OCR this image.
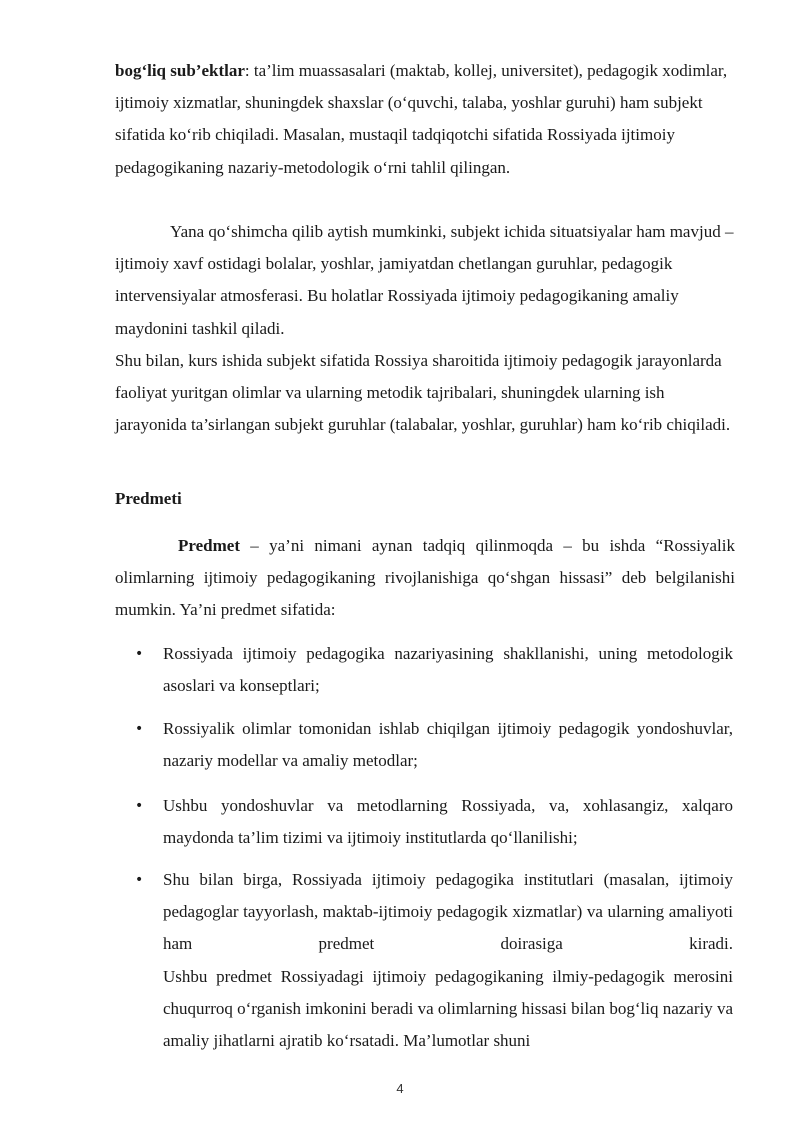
bog‘liq sub’ektlar: ta’lim muassasalari (maktab, kollej, universitet), pedagogik xodimlar, ijtimoiy xizmatlar, shuningdek shaxslar (o‘quvchi, talaba, yoshlar guruhi) ham subjekt sifatida ko‘rib chiqiladi. Masalan, mustaqil tadqiqotchi sifatida Rossiyada ijtimoiy pedagogikaning nazariy-metodologik o‘rni tahlil qilingan.

Yana qo‘shimcha qilib aytish mumkinki, subjekt ichida situatsiyalar ham mavjud – ijtimoiy xavf ostidagi bolalar, yoshlar, jamiyatdan chetlangan guruhlar, pedagogik intervensiyalar atmosferasi. Bu holatlar Rossiyada ijtimoiy pedagogikaning amaliy maydonini tashkil qiladi.

Shu bilan, kurs ishida subjekt sifatida Rossiya sharoitida ijtimoiy pedagogik jarayonlarda faoliyat yuritgan olimlar va ularning metodik tajribalari, shuningdek ularning ish jarayonida ta’sirlangan subjekt guruhlar (talabalar, yoshlar, guruhlar) ham ko‘rib chiqiladi.

Predmeti

Predmet – ya’ni nimani aynan tadqiq qilinmoqda – bu ishda “Rossiyalik olimlarning ijtimoiy pedagogikaning rivojlanishiga qo‘shgan hissasi” deb belgilanishi mumkin. Ya’ni predmet sifatida:

•	Rossiyada ijtimoiy pedagogika nazariyasining shakllanishi, uning metodologik asoslari va konseptlari;

•	Rossiyalik olimlar tomonidan ishlab chiqilgan ijtimoiy pedagogik yondoshuvlar, nazariy modellar va amaliy metodlar;

•	Ushbu yondoshuvlar va metodlarning Rossiyada, va, xohlasangiz, xalqaro maydonda ta’lim tizimi va ijtimoiy institutlarda qo‘llanilishi;

•	Shu bilan birga, Rossiyada ijtimoiy pedagogika institutlari (masalan, ijtimoiy pedagoglar tayyorlash, maktab-ijtimoiy pedagogik xizmatlar) va ularning amaliyoti ham predmet doirasiga kiradi.

Ushbu predmet Rossiyadagi ijtimoiy pedagogikaning ilmiy-pedagogik merosini chuqurroq o‘rganish imkonini beradi va olimlarning hissasi bilan bog‘liq nazariy va amaliy jihatlarni ajratib ko‘rsatadi. Ma’lumotlar shuni

4
